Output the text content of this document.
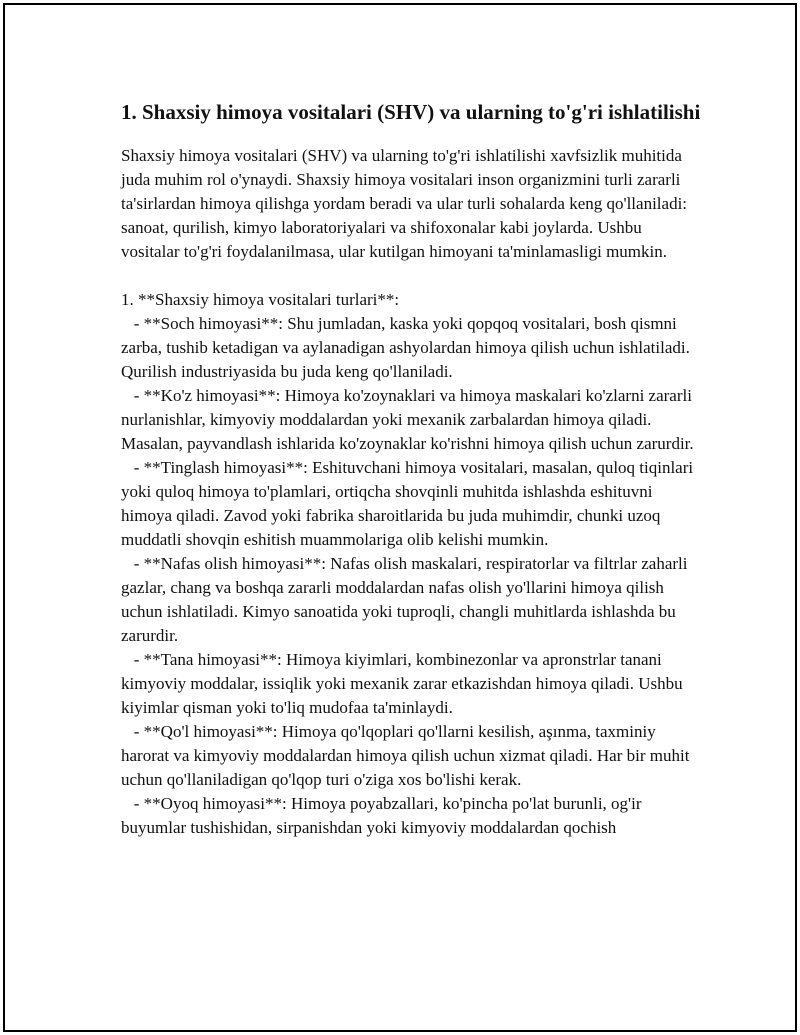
1. Shaxsiy himoya vositalari (SHV) va ularning to'g'ri ishlatilishi

Shaxsiy himoya vositalari (SHV) va ularning to'g'ri ishlatilishi xavfsizlik muhitida juda muhim rol o'ynaydi. Shaxsiy himoya vositalari inson organizmini turli zararli ta'sirlardan himoya qilishga yordam beradi va ular turli sohalarda keng qo'llaniladi: sanoat, qurilish, kimyo laboratoriyalari va shifoxonalar kabi joylarda. Ushbu vositalar to'g'ri foydalanilmasa, ular kutilgan himoyani ta'minlamasligi mumkin.

1. **Shaxsiy himoya vositalari turlari**:

- **Soch himoyasi**: Shu jumladan, kaska yoki qopqoq vositalari, bosh qismni zarba, tushib ketadigan va aylanadigan ashyolardan himoya qilish uchun ishlatiladi. Qurilish industriyasida bu juda keng qo'llaniladi.

- **Ko'z himoyasi**: Himoya ko'zoynaklari va himoya maskalari ko'zlarni zararli nurlanishlar, kimyoviy moddalardan yoki mexanik zarbalardan himoya qiladi. Masalan, payvandlash ishlarida ko'zoynaklar ko'rishni himoya qilish uchun zarurdir.

- **Tinglash himoyasi**: Eshituvchani himoya vositalari, masalan, quloq tiqinlari yoki quloq himoya to'plamlari, ortiqcha shovqinli muhitda ishlashda eshituvni himoya qiladi. Zavod yoki fabrika sharoitlarida bu juda muhimdir, chunki uzoq muddatli shovqin eshitish muammolariga olib kelishi mumkin.

- **Nafas olish himoyasi**: Nafas olish maskalari, respiratorlar va filtrlar zaharli gazlar, chang va boshqa zararli moddalardan nafas olish yo'llarini himoya qilish uchun ishlatiladi. Kimyo sanoatida yoki tuproqli, changli muhitlarda ishlashda bu zarurdir.

- **Tana himoyasi**: Himoya kiyimlari, kombinezonlar va apronstrlar tanani kimyoviy moddalar, issiqlik yoki mexanik zarar etkazishdan himoya qiladi. Ushbu kiyimlar qisman yoki to'liq mudofaa ta'minlaydi.

- **Qo'l himoyasi**: Himoya qo'lqoplari qo'llarni kesilish, aşınma, taxminiy harorat va kimyoviy moddalardan himoya qilish uchun xizmat qiladi. Har bir muhit uchun qo'llaniladigan qo'lqop turi o'ziga xos bo'lishi kerak.

- **Oyoq himoyasi**: Himoya poyabzallari, ko'pincha po'lat burunli, og'ir buyumlar tushishidan, sirpanishdan yoki kimyoviy moddalardan qochish
